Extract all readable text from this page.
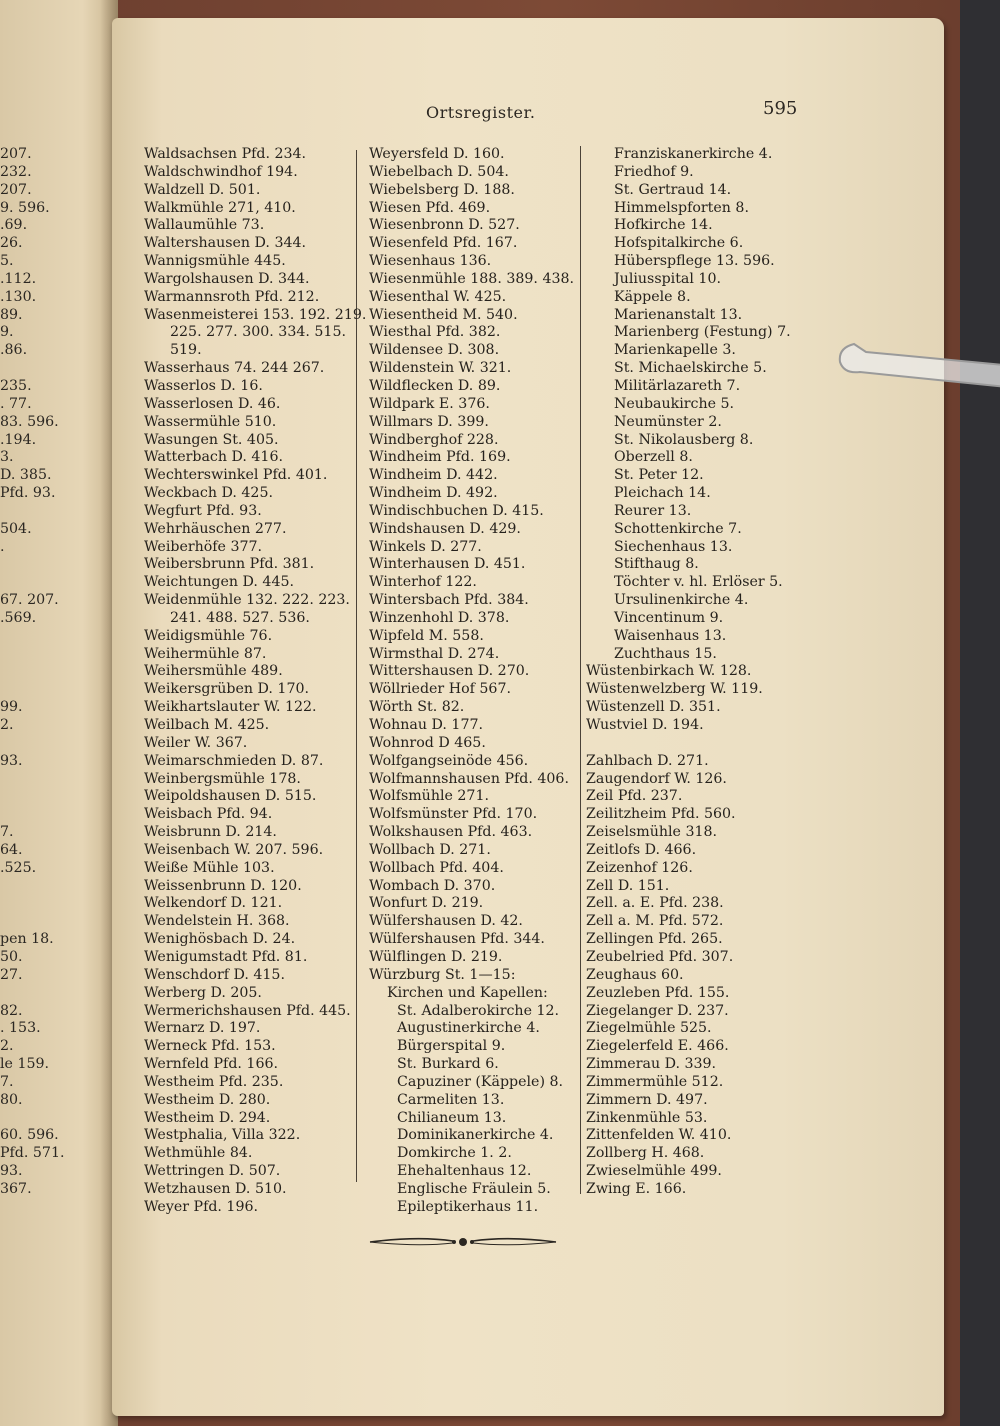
207.
232.
207.
9. 596.
.69.
26.
5.
.112.
.130.
89.
9.
.86.

235.
. 77.
83. 596.
.194.
3.
D. 385.
Pfd. 93.

504.
.

67. 207.
.569.

99.
2.

93.

7.
64.
.525.

pen 18.
50.
27.

82.
. 153.
2.
le 159.
7.
80.

60. 596.
Pfd. 571.
93.
367.
Ortsregister.	595
Waldsachsen Pfd. 234.
Waldschwindhof 194.
Waldzell D. 501.
Walkmühle 271, 410.
Wallaumühle 73.
Waltershausen D. 344.
Wannigsmühle 445.
Wargolshausen D. 344.
Warmannsroth Pfd. 212.
Wasenmeisterei 153. 192. 219.
225. 277. 300. 334. 515.
519.
Wasserhaus 74. 244 267.
Wasserlos D. 16.
Wasserlosen D. 46.
Wassermühle 510.
Wasungen St. 405.
Watterbach D. 416.
Wechterswinkel Pfd. 401.
Weckbach D. 425.
Wegfurt Pfd. 93.
Wehrhäuschen 277.
Weiberhöfe 377.
Weibersbrunn Pfd. 381.
Weichtungen D. 445.
Weidenmühle 132. 222. 223.
241. 488. 527. 536.
Weidigsmühle 76.
Weihermühle 87.
Weihersmühle 489.
Weikersgrüben D. 170.
Weikhartslauter W. 122.
Weilbach M. 425.
Weiler W. 367.
Weimarschmieden D. 87.
Weinbergsmühle 178.
Weipoldshausen D. 515.
Weisbach Pfd. 94.
Weisbrunn D. 214.
Weisenbach W. 207. 596.
Weiße Mühle 103.
Weissenbrunn D. 120.
Welkendorf D. 121.
Wendelstein H. 368.
Wenighösbach D. 24.
Wenigumstadt Pfd. 81.
Wenschdorf D. 415.
Werberg D. 205.
Wermerichshausen Pfd. 445.
Wernarz D. 197.
Werneck Pfd. 153.
Wernfeld Pfd. 166.
Westheim Pfd. 235.
Westheim D. 280.
Westheim D. 294.
Westphalia, Villa 322.
Wethmühle 84.
Wettringen D. 507.
Wetzhausen D. 510.
Weyer Pfd. 196.
Weyersfeld D. 160.
Wiebelbach D. 504.
Wiebelsberg D. 188.
Wiesen Pfd. 469.
Wiesenbronn D. 527.
Wiesenfeld Pfd. 167.
Wiesenhaus 136.
Wiesenmühle 188. 389. 438.
Wiesenthal W. 425.
Wiesentheid M. 540.
Wiesthal Pfd. 382.
Wildensee D. 308.
Wildenstein W. 321.
Wildflecken D. 89.
Wildpark E. 376.
Willmars D. 399.
Windberghof 228.
Windheim Pfd. 169.
Windheim D. 442.
Windheim D. 492.
Windischbuchen D. 415.
Windshausen D. 429.
Winkels D. 277.
Winterhausen D. 451.
Winterhof 122.
Wintersbach Pfd. 384.
Winzenhohl D. 378.
Wipfeld M. 558.
Wirmsthal D. 274.
Wittershausen D. 270.
Wöllrieder Hof 567.
Wörth St. 82.
Wohnau D. 177.
Wohnrod D 465.
Wolfgangseinöde 456.
Wolfmannshausen Pfd. 406.
Wolfsmühle 271.
Wolfsmünster Pfd. 170.
Wolkshausen Pfd. 463.
Wollbach D. 271.
Wollbach Pfd. 404.
Wombach D. 370.
Wonfurt D. 219.
Wülfershausen D. 42.
Wülfershausen Pfd. 344.
Wülflingen D. 219.
Würzburg St. 1—15:
Kirchen und Kapellen:
St. Adalberokirche 12.
Augustinerkirche 4.
Bürgerspital 9.
St. Burkard 6.
Capuziner (Käppele) 8.
Carmeliten 13.
Chilianeum 13.
Dominikanerkirche 4.
Domkirche 1. 2.
Ehehaltenhaus 12.
Englische Fräulein 5.
Epileptikerhaus 11.
Franziskanerkirche 4.
Friedhof 9.
St. Gertraud 14.
Himmelspforten 8.
Hofkirche 14.
Hofspitalkirche 6.
Hüberspflege 13. 596.
Juliusspital 10.
Käppele 8.
Marienanstalt 13.
Marienberg (Festung) 7.
Marienkapelle 3.
St. Michaelskirche 5.
Militärlazareth 7.
Neubaukirche 5.
Neumünster 2.
St. Nikolausberg 8.
Oberzell 8.
St. Peter 12.
Pleichach 14.
Reurer 13.
Schottenkirche 7.
Siechenhaus 13.
Stifthaug 8.
Töchter v. hl. Erlöser 5.
Ursulinenkirche 4.
Vincentinum 9.
Waisenhaus 13.
Zuchthaus 15.
Wüstenbirkach W. 128.
Wüstenwelzberg W. 119.
Wüstenzell D. 351.
Wustviel D. 194.

Zahlbach D. 271.
Zaugendorf W. 126.
Zeil Pfd. 237.
Zeilitzheim Pfd. 560.
Zeiselsmühle 318.
Zeitlofs D. 466.
Zeizenhof 126.
Zell D. 151.
Zell. a. E. Pfd. 238.
Zell a. M. Pfd. 572.
Zellingen Pfd. 265.
Zeubelried Pfd. 307.
Zeughaus 60.
Zeuzleben Pfd. 155.
Ziegelanger D. 237.
Ziegelmühle 525.
Ziegelerfeld E. 466.
Zimmerau D. 339.
Zimmermühle 512.
Zimmern D. 497.
Zinkenmühle 53.
Zittenfelden W. 410.
Zollberg H. 468.
Zwieselmühle 499.
Zwing E. 166.
